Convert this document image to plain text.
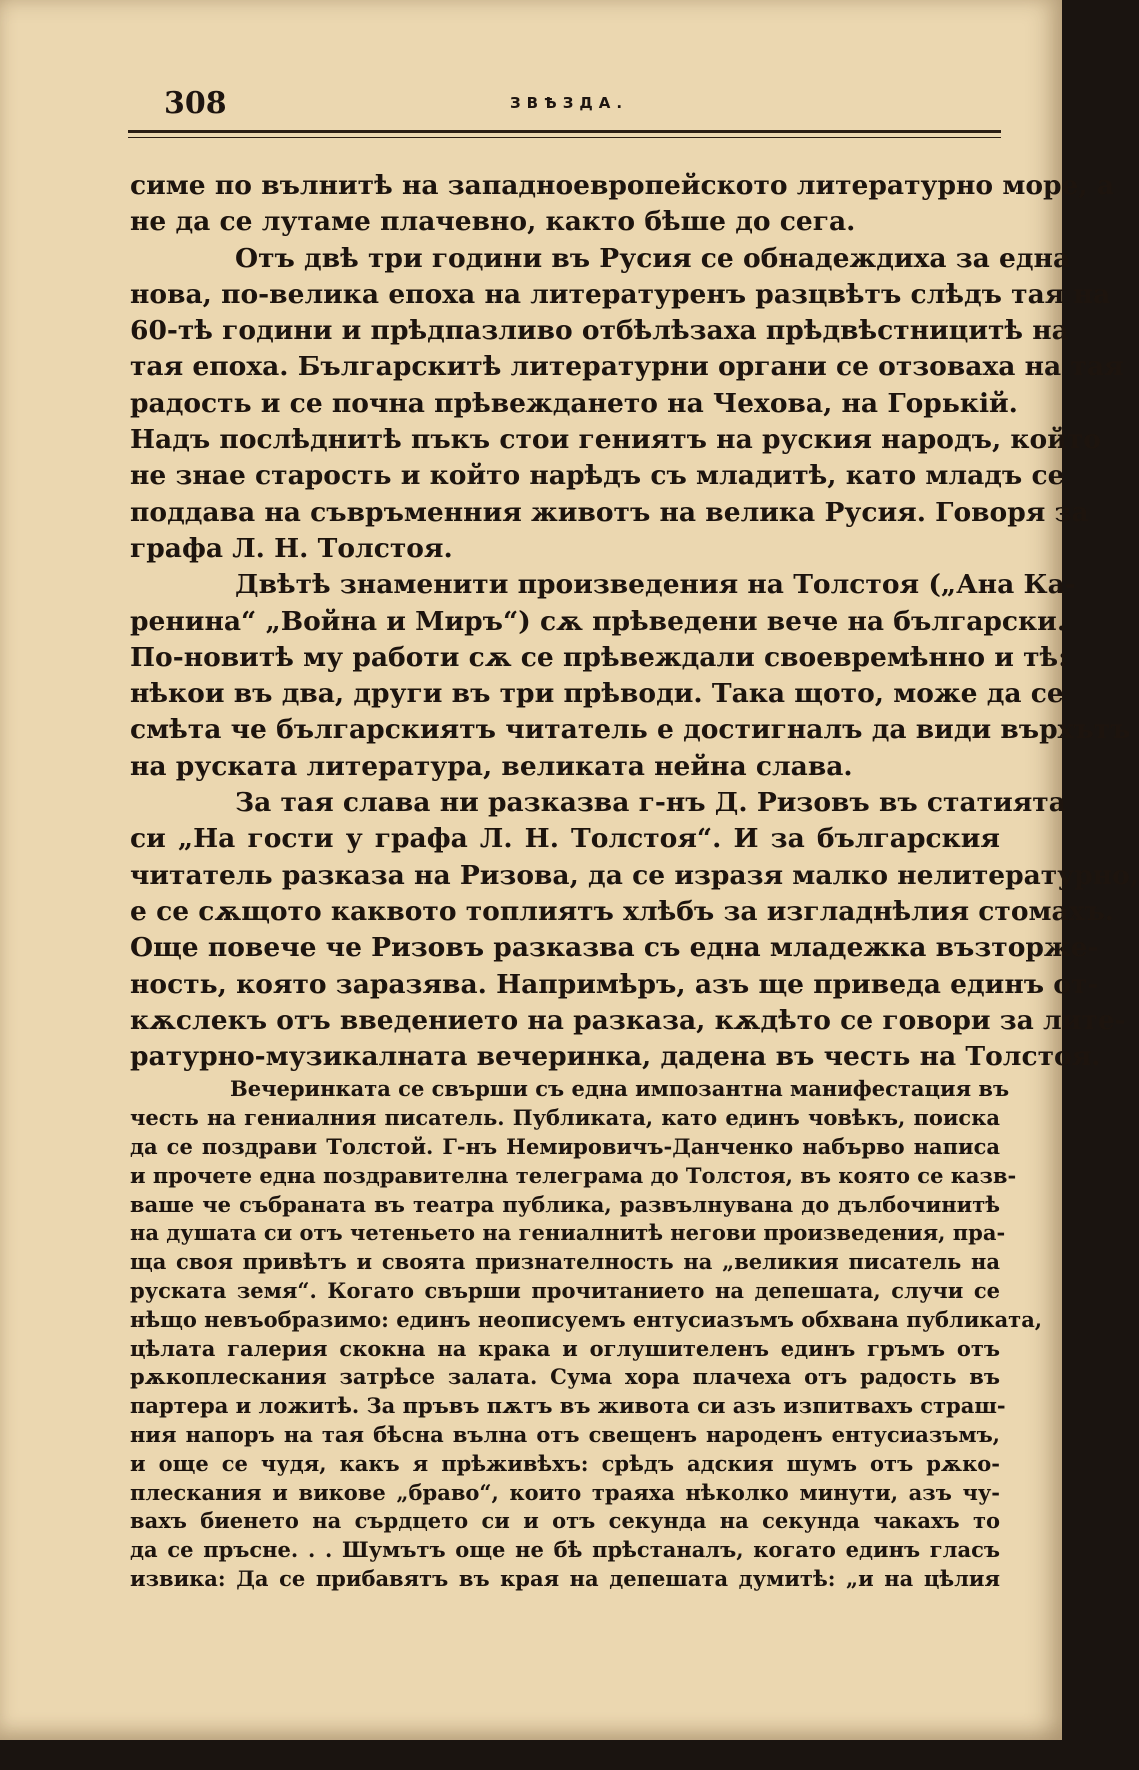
308	ЗВѢЗДА.
симе по вълнитѣ на западноевропейското литературно море, а
не да се лутаме плачевно, както бѣше до сега.
Отъ двѣ три години въ Русия се обнадеждиха за една
нова, по-велика епоха на литературенъ разцвѣтъ слѣдъ тая на
60-тѣ години и прѣдпазливо отбѣлѣзаха прѣдвѣстницитѣ на
тая епоха. Българскитѣ литературни органи се отзоваха на тая
радость и се почна прѣвеждането на Чехова, на Горькій.
Надъ послѣднитѣ пъкъ стои гениятъ на руския народъ, който
не знае старость и който нарѣдъ съ младитѣ, като младъ се
поддава на съвръменния животъ на велика Русия. Говоря за
графа Л. Н. Толстоя.
Двѣтѣ знаменити произведения на Толстоя („Ана Ка-
ренина“ „Война и Миръ“) сѫ прѣведени вече на български.
По-новитѣ му работи сѫ се прѣвеждали своевремѣнно и тѣ:
нѣкои въ два, други въ три прѣводи. Така щото, може да се
смѣта че българскиятъ читатель е достигналъ да види върхътъ
на руската литература, великата нейна слава.
За тая слава ни разказва г-нъ Д. Ризовъ въ статията
си „На гости у графа Л. Н. Толстоя“. И за българския
читатель разказа на Ризова, да се изразя малко нелитературно,
е се сѫщото каквото топлиятъ хлѣбъ за изгладнѣлия стомахъ.
Още повече че Ризовъ разказва съ една младежка възторже-
ность, която заразява. Напримѣръ, азъ ще приведа единъ от-
кѫслекъ отъ введението на разказа, кѫдѣто се говори за лите-
ратурно-музикалната вечеринка, дадена въ честь на Толстоя.
Вечеринката се свърши съ една импозантна манифестация въ
честь на гениалния писатель. Публиката, като единъ човѣкъ, поиска
да се поздрави Толстой. Г-нъ Немировичъ-Данченко набърво написа
и прочете една поздравителна телеграма до Толстоя, въ която се казв-
ваше че събраната въ театра публика, развълнувана до дълбочинитѣ
на душата си отъ четеньето на гениалнитѣ негови произведения, пра-
ща своя привѣтъ и своята признателность на „великия писатель на
руската земя“. Когато свърши прочитанието на депешата, случи се
нѣщо невъобразимо: единъ неописуемъ ентусиазъмъ обхвана публиката,
цѣлата галерия скокна на крака и оглушителенъ единъ гръмъ отъ
рѫкоплескания затрѣсе залата. Сума хора плачеха отъ радость въ
партера и ложитѣ. За пръвъ пѫтъ въ живота си азъ изпитвахъ страш-
ния напоръ на тая бѣсна вълна отъ свещенъ народенъ ентусиазъмъ,
и още се чудя, какъ я прѣживѣхъ: срѣдъ адския шумъ отъ рѫко-
плескания и викове „браво“, които траяха нѣколко минути, азъ чу-
вахъ биенето на сърдцето си и отъ секунда на секунда чакахъ то
да се пръсне. . . Шумътъ още не бѣ прѣстаналъ, когато единъ гласъ
извика: Да се прибавятъ въ края на депешата думитѣ: „и на цѣлия
